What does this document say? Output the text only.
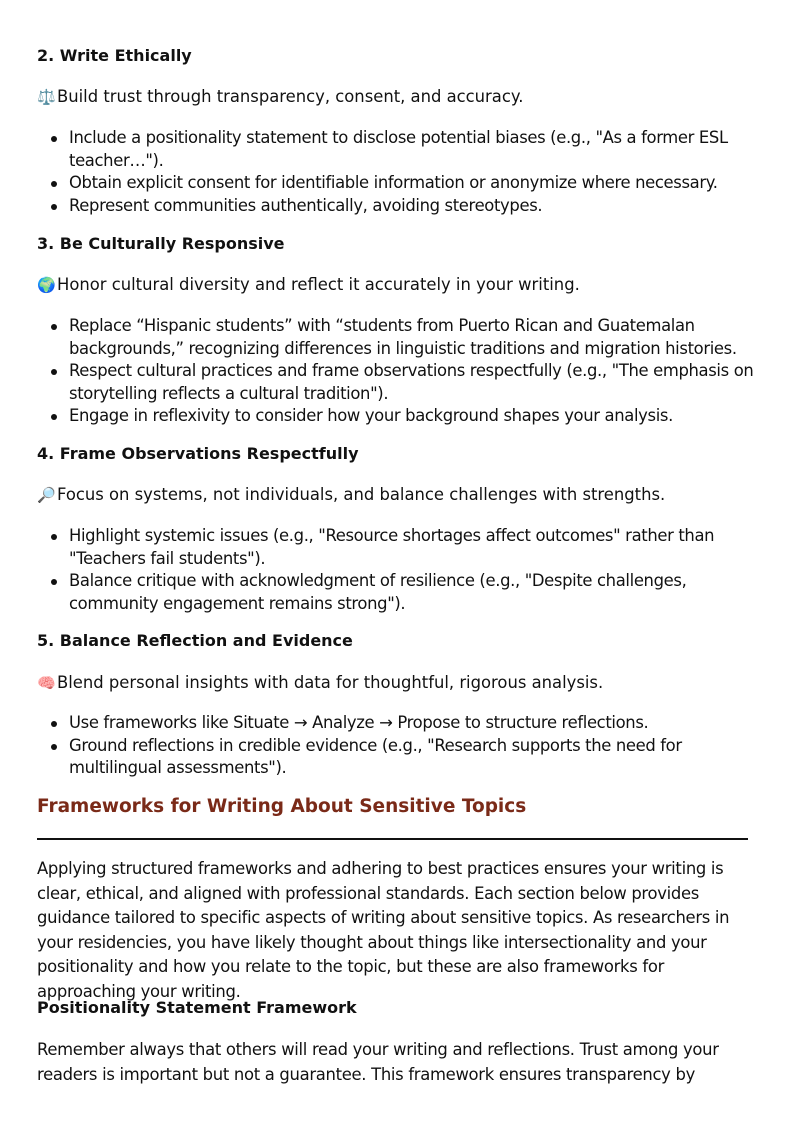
2. Write Ethically
⚖️Build trust through transparency, consent, and accuracy.
Include a positionality statement to disclose potential biases (e.g., "As a former ESL teacher…").
Obtain explicit consent for identifiable information or anonymize where necessary.
Represent communities authentically, avoiding stereotypes.
3. Be Culturally Responsive
🌍Honor cultural diversity and reflect it accurately in your writing.
Replace “Hispanic students” with “students from Puerto Rican and Guatemalan backgrounds,” recognizing differences in linguistic traditions and migration histories.
Respect cultural practices and frame observations respectfully (e.g., "The emphasis on storytelling reflects a cultural tradition").
Engage in reflexivity to consider how your background shapes your analysis.
4. Frame Observations Respectfully
🔎Focus on systems, not individuals, and balance challenges with strengths.
Highlight systemic issues (e.g., "Resource shortages affect outcomes" rather than "Teachers fail students").
Balance critique with acknowledgment of resilience (e.g., "Despite challenges, community engagement remains strong").
5. Balance Reflection and Evidence
🧠Blend personal insights with data for thoughtful, rigorous analysis.
Use frameworks like Situate → Analyze → Propose to structure reflections.
Ground reflections in credible evidence (e.g., "Research supports the need for multilingual assessments").
Frameworks for Writing About Sensitive Topics

Applying structured frameworks and adhering to best practices ensures your writing is clear, ethical, and aligned with professional standards. Each section below provides guidance tailored to specific aspects of writing about sensitive topics. As researchers in your residencies, you have likely thought about things like intersectionality and your positionality and how you relate to the topic, but these are also frameworks for approaching your writing.

Positionality Statement Framework

Remember always that others will read your writing and reflections. Trust among your readers is important but not a guarantee. This framework ensures transparency by
